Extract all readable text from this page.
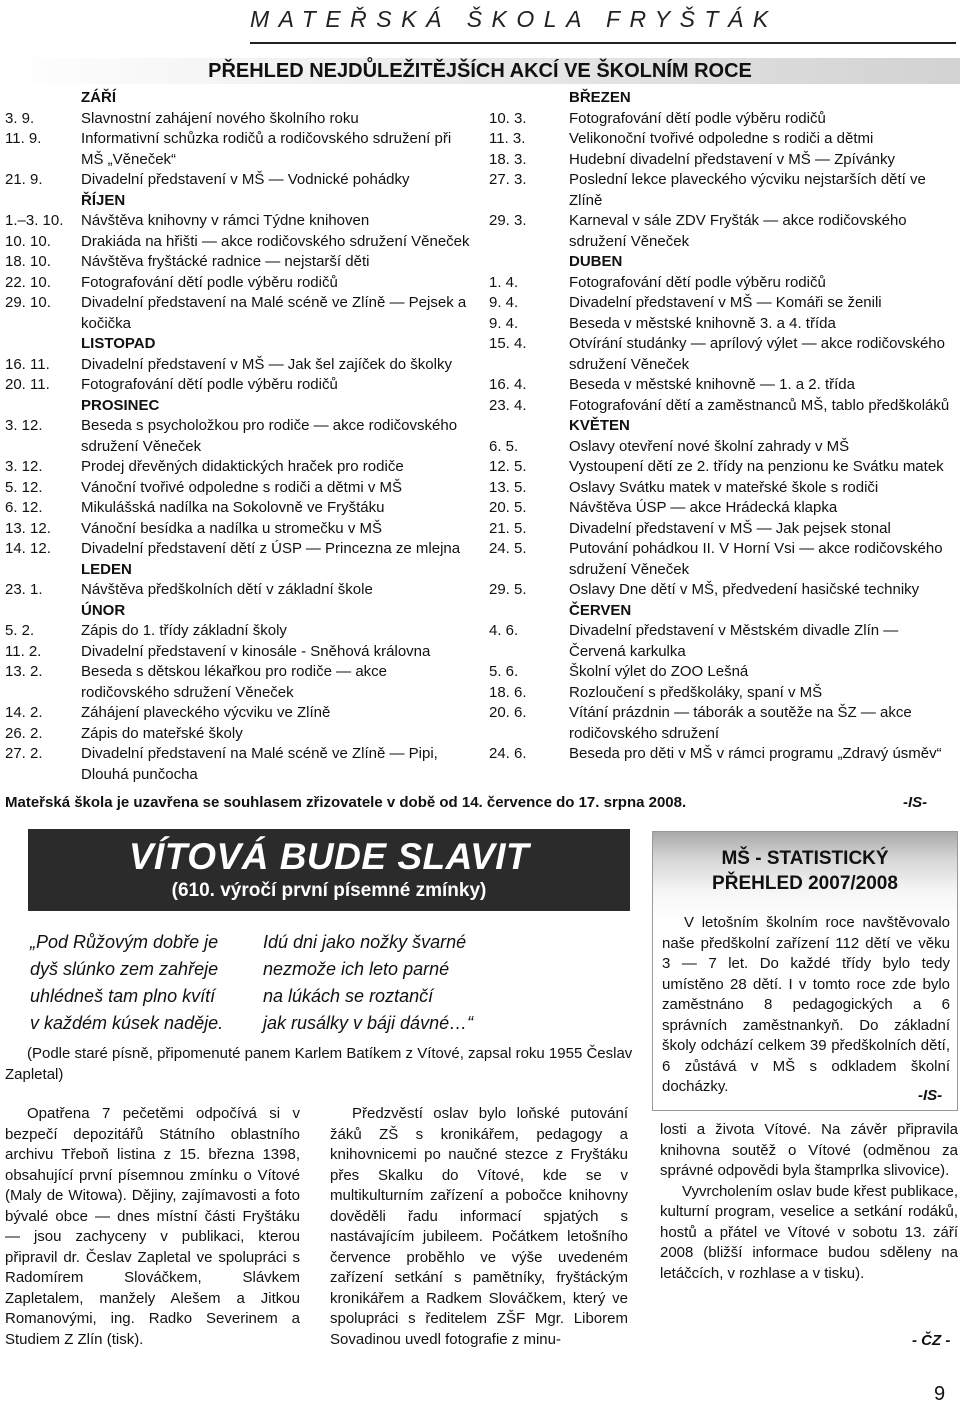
MATEŘSKÁ ŠKOLA FRYŠTÁK
PŘEHLED NEJDŮLEŽITĚJŠÍCH AKCÍ VE ŠKOLNÍM ROCE
ZÁŘÍ
3. 9.	Slavnostní zahájení nového školního roku
11. 9.	Informativní schůzka rodičů a rodičovského sdružení při MŠ „Věneček“
21. 9.	Divadelní představení v MŠ — Vodnické pohádky
ŘÍJEN
1.–3. 10.	Návštěva knihovny v rámci Týdne knihoven
10. 10.	Drakiáda na hřišti — akce rodičovského sdružení Věneček
18. 10.	Návštěva fryštácké radnice — nejstarší děti
22. 10.	Fotografování dětí podle výběru rodičů
29. 10.	Divadelní představení na Malé scéně ve Zlíně — Pejsek a kočička
LISTOPAD
16. 11.	Divadelní představení v MŠ — Jak šel zajíček do školky
20. 11.	Fotografování dětí podle výběru rodičů
PROSINEC
3. 12.	Beseda s psycholožkou pro rodiče — akce rodičovského sdružení Věneček
3. 12.	Prodej dřevěných didaktických hraček pro rodiče
5. 12.	Vánoční tvořivé odpoledne s rodiči a dětmi v MŠ
6. 12.	Mikulášská nadílka na Sokolovně ve Fryštáku
13. 12.	Vánoční besídka a nadílka u stromečku v MŠ
14. 12.	Divadelní představení dětí z ÚSP — Princezna ze mlejna
LEDEN
23. 1.	Návštěva předškolních dětí v základní škole
ÚNOR
5. 2.	Zápis do 1. třídy základní školy
11. 2.	Divadelní představení v kinosále - Sněhová královna
13. 2.	Beseda s dětskou lékařkou pro rodiče — akce rodičovského sdružení Věneček
14. 2.	Záhájení plaveckého výcviku ve Zlíně
26. 2.	Zápis do mateřské školy
27. 2.	Divadelní představení na Malé scéně ve Zlíně — Pipi, Dlouhá punčocha
BŘEZEN
10. 3.	Fotografování dětí podle výběru rodičů
11. 3.	Velikonoční tvořivé odpoledne s rodiči a dětmi
18. 3.	Hudební divadelní představení v MŠ — Zpívánky
27. 3.	Poslední lekce plaveckého výcviku nejstarších dětí ve Zlíně
29. 3.	Karneval v sále ZDV Fryšták — akce rodičovského sdružení Věneček
DUBEN
1. 4.	Fotografování dětí podle výběru rodičů
9. 4.	Divadelní představení v MŠ — Komáři se ženili
9. 4.	Beseda v městské knihovně 3. a 4. třída
15. 4.	Otvírání studánky — aprílový výlet — akce rodičovského sdružení Věneček
16. 4.	Beseda v městské knihovně — 1. a 2. třída
23. 4.	Fotografování dětí a zaměstnanců MŠ, tablo předškoláků
KVĚTEN
6. 5.	Oslavy otevření nové školní zahrady v MŠ
12. 5.	Vystoupení dětí ze 2. třídy na penzionu ke Svátku matek
13. 5.	Oslavy Svátku matek v mateřské škole s rodiči
20. 5.	Návštěva ÚSP — akce Hrádecká klapka
21. 5.	Divadelní představení v MŠ — Jak pejsek stonal
24. 5.	Putování pohádkou II. V Horní Vsi — akce rodičovského sdružení Věneček
29. 5.	Oslavy Dne dětí v MŠ, předvedení hasičské techniky
ČERVEN
4. 6.	Divadelní představení v Městském divadle Zlín — Červená karkulka
5. 6.	Školní výlet do ZOO Lešná
18. 6.	Rozloučení s předškoláky, spaní v MŠ
20. 6.	Vítání prázdnin — táborák a soutěže na ŠZ — akce rodičovského sdružení
24. 6.	Beseda pro děti v MŠ v rámci programu „Zdravý úsměv“
Mateřská škola je uzavřena se souhlasem zřizovatele v době od 14. července do 17. srpna 2008.	-IS-
VÍTOVÁ BUDE SLAVIT
(610. výročí první písemné zmínky)
„Pod Růžovým dobře je
dyš slúnko zem zahřeje
uhlédneš tam plno kvítí
v každém kúsek naděje.
Idú dni jako nožky švarné
nezmože ich leto parné
na lúkách se roztančí
jak rusálky v báji dávné…“
(Podle staré písně, připomenuté panem Karlem Batíkem z Vítové, zapsal roku 1955 Česlav Zapletal)
Opatřena 7 pečetěmi odpočívá si v bezpečí depozitářů Státního oblastního archivu Třeboň listina z 15. března 1398, obsahující první písemnou zmínku o Vítové (Maly de Witowa). Dějiny, zajímavosti a foto bývalé obce — dnes místní části Fryštáku — jsou zachyceny v publikaci, kterou připravil dr. Česlav Zapletal ve spolupráci s Radomírem Slováčkem, Slávkem Zapletalem, manžely Alešem a Jitkou Romanovými, ing. Radko Severinem a Studiem Z Zlín (tisk).
Předzvěstí oslav bylo loňské putování žáků ZŠ s kronikářem, pedagogy a knihovnicemi po naučné stezce z Fryštáku přes Skalku do Vítové, kde se v multikulturním zařízení a pobočce knihovny dověděli řadu informací spjatých s nastávajícím jubileem. Počátkem letošního července proběhlo ve výše uvedeném zařízení setkání s pamětníky, fryštáckým kronikářem a Radkem Slováčkem, který ve spolupráci s ředitelem ZŠF Mgr. Liborem Sovadinou uvedl fotografie z minu-
MŠ - STATISTICKÝ
PŘEHLED 2007/2008
V letošním školním roce navštěvovalo naše předškolní zařízení 112 dětí ve věku 3 — 7 let. Do každé třídy bylo tedy umístěno 28 dětí. I v tomto roce zde bylo zaměstnáno 8 pedagogických a 6 správních zaměstnankyň. Do základní školy odchází celkem 39 předškolních dětí, 6 zůstává v MŠ s odkladem školní docházky.
-IS-

losti a života Vítové. Na závěr připravila knihovna soutěž o Vítové (odměnou za správné odpovědi byla štamprlka slivovice).

Vyvrcholením oslav bude křest publikace, kulturní program, veselice a setkání rodáků, hostů a přátel ve Vítové v sobotu 13. září 2008 (bližší informace budou sděleny na letáčcích, v rozhlase a v tisku).

- ČZ -
9
